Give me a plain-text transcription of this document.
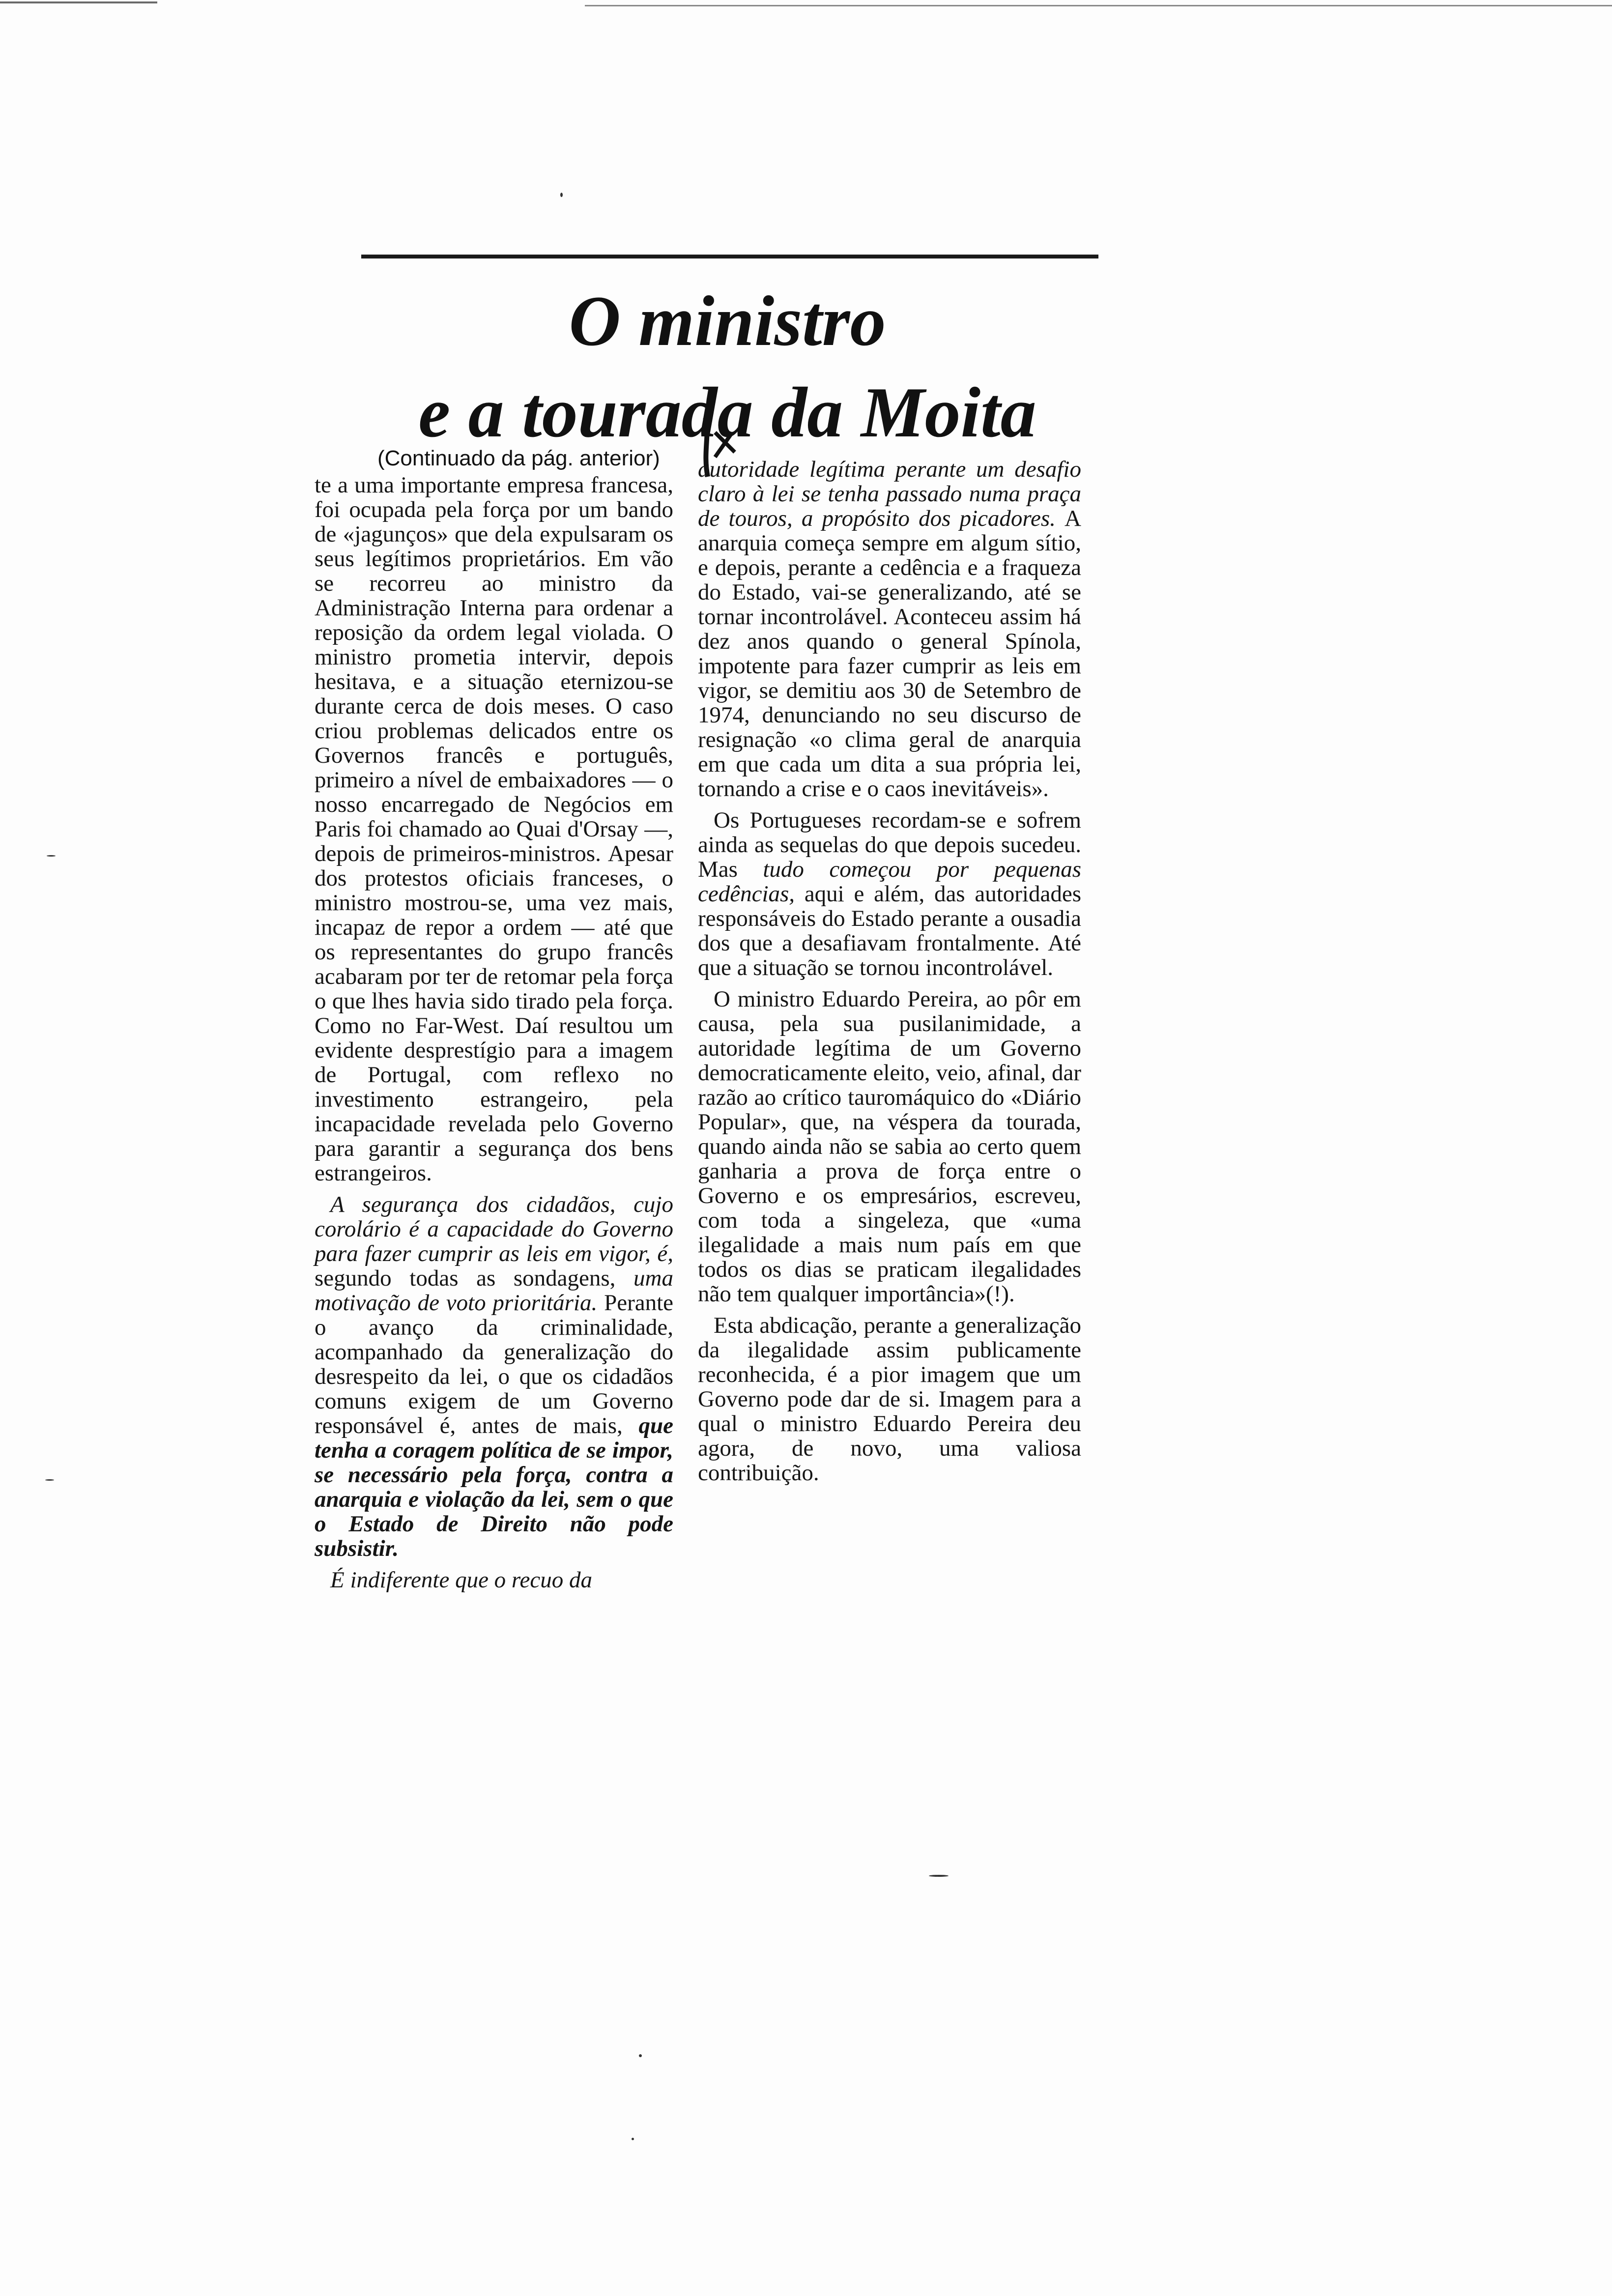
O ministro
e a tourada da Moita
(Continuado da pág. anterior)

te a uma importante empresa francesa, foi ocupada pela força por um bando de «jagunços» que dela expulsaram os seus legítimos proprietários. Em vão se recorreu ao ministro da Administração Interna para ordenar a reposição da ordem legal violada. O ministro prometia intervir, depois hesitava, e a situação eternizou-se durante cerca de dois meses. O caso criou problemas delicados entre os Governos francês e português, primeiro a nível de embaixadores — o nosso encarregado de Negócios em Paris foi chamado ao Quai d'Orsay —, depois de primeiros-ministros. Apesar dos protestos oficiais franceses, o ministro mostrou-se, uma vez mais, incapaz de repor a ordem — até que os representantes do grupo francês acabaram por ter de retomar pela força o que lhes havia sido tirado pela força. Como no Far-West. Daí resultou um evidente desprestígio para a imagem de Portugal, com reflexo no investimento estrangeiro, pela incapacidade revelada pelo Governo para garantir a segurança dos bens estrangeiros.

A segurança dos cidadãos, cujo corolário é a capacidade do Governo para fazer cumprir as leis em vigor, é, segundo todas as sondagens, uma motivação de voto prioritária. Perante o avanço da criminalidade, acompanhado da generalização do desrespeito da lei, o que os cidadãos comuns exigem de um Governo responsável é, antes de mais, que tenha a coragem política de se impor, se necessário pela força, contra a anarquia e violação da lei, sem o que o Estado de Direito não pode subsistir.

É indiferente que o recuo da

autoridade legítima perante um desafio claro à lei se tenha passado numa praça de touros, a propósito dos picadores. A anarquia começa sempre em algum sítio, e depois, perante a cedência e a fraqueza do Estado, vai-se generalizando, até se tornar incontrolável. Aconteceu assim há dez anos quando o general Spínola, impotente para fazer cumprir as leis em vigor, se demitiu aos 30 de Setembro de 1974, denunciando no seu discurso de resignação «o clima geral de anarquia em que cada um dita a sua própria lei, tornando a crise e o caos inevitáveis».

Os Portugueses recordam-se e sofrem ainda as sequelas do que depois sucedeu. Mas tudo começou por pequenas cedências, aqui e além, das autoridades responsáveis do Estado perante a ousadia dos que a desafiavam frontalmente. Até que a situação se tornou incontrolável.

O ministro Eduardo Pereira, ao pôr em causa, pela sua pusilanimidade, a autoridade legítima de um Governo democraticamente eleito, veio, afinal, dar razão ao crítico tauromáquico do «Diário Popular», que, na véspera da tourada, quando ainda não se sabia ao certo quem ganharia a prova de força entre o Governo e os empresários, escreveu, com toda a singeleza, que «uma ilegalidade a mais num país em que todos os dias se praticam ilegalidades não tem qualquer importância»(!).

Esta abdicação, perante a generalização da ilegalidade assim publicamente reconhecida, é a pior imagem que um Governo pode dar de si. Imagem para a qual o ministro Eduardo Pereira deu agora, de novo, uma valiosa contribuição.
